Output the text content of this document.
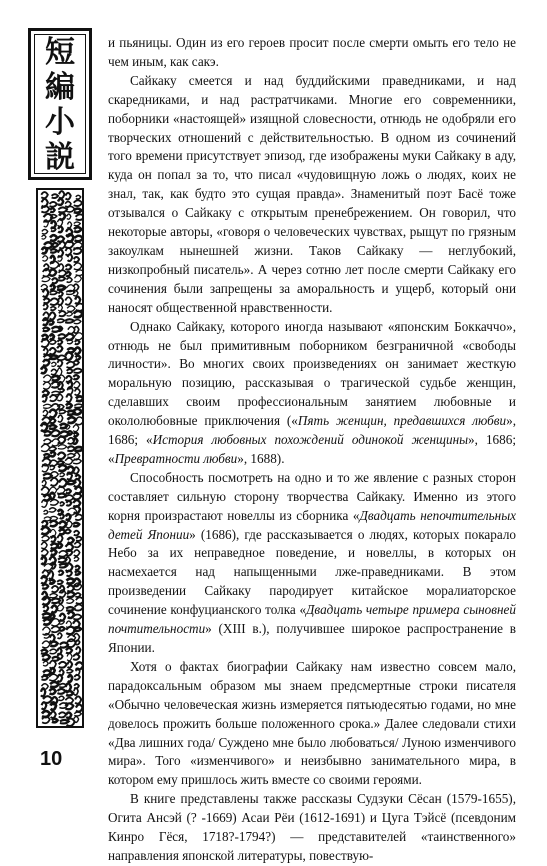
短
編
小
説

и пьяницы. Один из его героев просит после смерти омыть его тело не чем иным, как сакэ.

Сайкаку смеется и над буддийскими праведниками, и над скаредниками, и над растратчиками. Многие его современники, поборники «настоящей» изящной словесности, отнюдь не одобряли его творческих отношений с действительностью. В одном из сочинений того времени присутствует эпизод, где изображены муки Сайкаку в аду, куда он попал за то, что писал «чудовищную ложь о людях, коих не знал, так, как будто это сущая правда». Знаменитый поэт Басё тоже отзывался о Сайкаку с открытым пренебрежением. Он говорил, что некоторые авторы, «говоря о человеческих чувствах, рыщут по грязным закоулкам нынешней жизни. Таков Сайкаку — неглубокий, низкопробный писатель». А через сотню лет после смерти Сайкаку его сочинения были запрещены за аморальность и ущерб, который они наносят общественной нравственности.

Однако Сайкаку, которого иногда называют «японским Боккаччо», отнюдь не был примитивным поборником безграничной «свободы личности». Во многих своих произведениях он занимает жесткую моральную позицию, рассказывая о трагической судьбе женщин, сделавших своим профессиональным занятием любовные и окололюбовные приключения («Пять женщин, предавшихся любви», 1686; «История любовных похождений одинокой женщины», 1686; «Превратности любви», 1688).

Способность посмотреть на одно и то же явление с разных сторон составляет сильную сторону творчества Сайкаку. Именно из этого корня произрастают новеллы из сборника «Двадцать непочтительных детей Японии» (1686), где рассказывается о людях, которых покарало Небо за их неправедное поведение, и новеллы, в которых он насмехается над напыщенными лже-праведниками. В этом произведении Сайкаку пародирует китайское моралиаторское сочинение конфуцианского толка «Двадцать четыре примера сыновней почтительности» (XIII в.), получившее широкое распространение в Японии.

Хотя о фактах биографии Сайкаку нам известно совсем мало, парадоксальным образом мы знаем предсмертные строки писателя «Обычно человеческая жизнь измеряется пятьюдесятью годами, но мне довелось прожить больше положенного срока.» Далее следовали стихи «Два лишних года/ Суждено мне было любоваться/ Луною изменчивого мира». Того «изменчивого» и неизбывно занимательного мира, в котором ему пришлось жить вместе со своими героями.

В книге представлены также рассказы Судзуки Сёсан (1579-1655), Огита Ансэй (? -1669) Асаи Рёи (1612-1691) и Цуга Тэйсё (псевдоним Кинро Гёся, 1718?-1794?) — представителей «таинственного» направления японской литературы, повествую-

10
